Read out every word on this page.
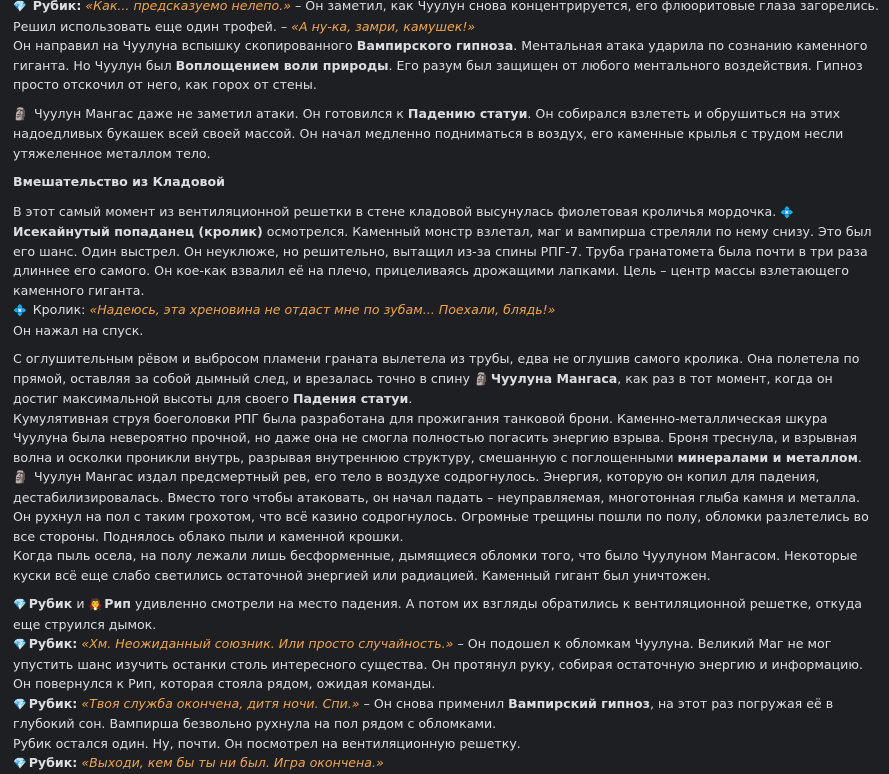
💎 Рубик: «Как... предсказуемо нелепо.» – Он заметил, как Чуулун снова концентрируется, его флюоритовые глаза загорелись. Решил использовать еще один трофей. – «А ну-ка, замри, камушек!»

Он направил на Чуулуна вспышку скопированного Вампирского гипноза. Ментальная атака ударила по сознанию каменного гиганта. Но Чуулун был Воплощением воли природы. Его разум был защищен от любого ментального воздействия. Гипноз просто отскочил от него, как горох от стены.

🗿 Чуулун Мангас даже не заметил атаки. Он готовился к Падению статуи. Он собирался взлететь и обрушиться на этих надоедливых букашек всей своей массой. Он начал медленно подниматься в воздух, его каменные крылья с трудом несли утяжеленное металлом тело.

Вмешательство из Кладовой

В этот самый момент из вентиляционной решетки в стене кладовой высунулась фиолетовая кроличья мордочка. 💠Исекайнутый попаданец (кролик) осмотрелся. Каменный монстр взлетал, маг и вампирша стреляли по нему снизу. Это был его шанс. Один выстрел. Он неуклюже, но решительно, вытащил из-за спины РПГ-7. Труба гранатомета была почти в три раза длиннее его самого. Он кое-как взвалил её на плечо, прицеливаясь дрожащими лапками. Цель – центр массы взлетающего каменного гиганта.

💠 Кролик: «Надеюсь, эта хреновина не отдаст мне по зубам... Поехали, блядь!»

Он нажал на спуск.

С оглушительным рёвом и выбросом пламени граната вылетела из трубы, едва не оглушив самого кролика. Она полетела по прямой, оставляя за собой дымный след, и врезалась точно в спину 🗿 Чуулуна Мангаса, как раз в тот момент, когда он достиг максимальной высоты для своего Падения статуи.

Кумулятивная струя боеголовки РПГ была разработана для прожигания танковой брони. Каменно-металлическая шкура Чуулуна была невероятно прочной, но даже она не смогла полностью погасить энергию взрыва. Броня треснула, и взрывная волна и осколки проникли внутрь, разрывая внутреннюю структуру, смешанную с поглощенными минералами и металлом.

🗿 Чуулун Мангас издал предсмертный рев, его тело в воздухе содрогнулось. Энергия, которую он копил для падения, дестабилизировалась. Вместо того чтобы атаковать, он начал падать – неуправляемая, многотонная глыба камня и металла. Он рухнул на пол с таким грохотом, что всё казино содрогнулось. Огромные трещины пошли по полу, обломки разлетелись во все стороны. Поднялось облако пыли и каменной крошки.

Когда пыль осела, на полу лежали лишь бесформенные, дымящиеся обломки того, что было Чуулуном Мангасом. Некоторые куски всё еще слабо светились остаточной энергией или радиацией. Каменный гигант был уничтожен.

💎 Рубик и 🧛 Рип удивленно смотрели на место падения. А потом их взгляды обратились к вентиляционной решетке, откуда еще струился дымок.

💎 Рубик: «Хм. Неожиданный союзник. Или просто случайность.» – Он подошел к обломкам Чуулуна. Великий Маг не мог упустить шанс изучить останки столь интересного существа. Он протянул руку, собирая остаточную энергию и информацию.

Он повернулся к Рип, которая стояла рядом, ожидая команды.

💎 Рубик: «Твоя служба окончена, дитя ночи. Спи.» – Он снова применил Вампирский гипноз, на этот раз погружая её в глубокий сон. Вампирша безвольно рухнула на пол рядом с обломками.

Рубик остался один. Ну, почти. Он посмотрел на вентиляционную решетку.

💎 Рубик: «Выходи, кем бы ты ни был. Игра окончена.»
